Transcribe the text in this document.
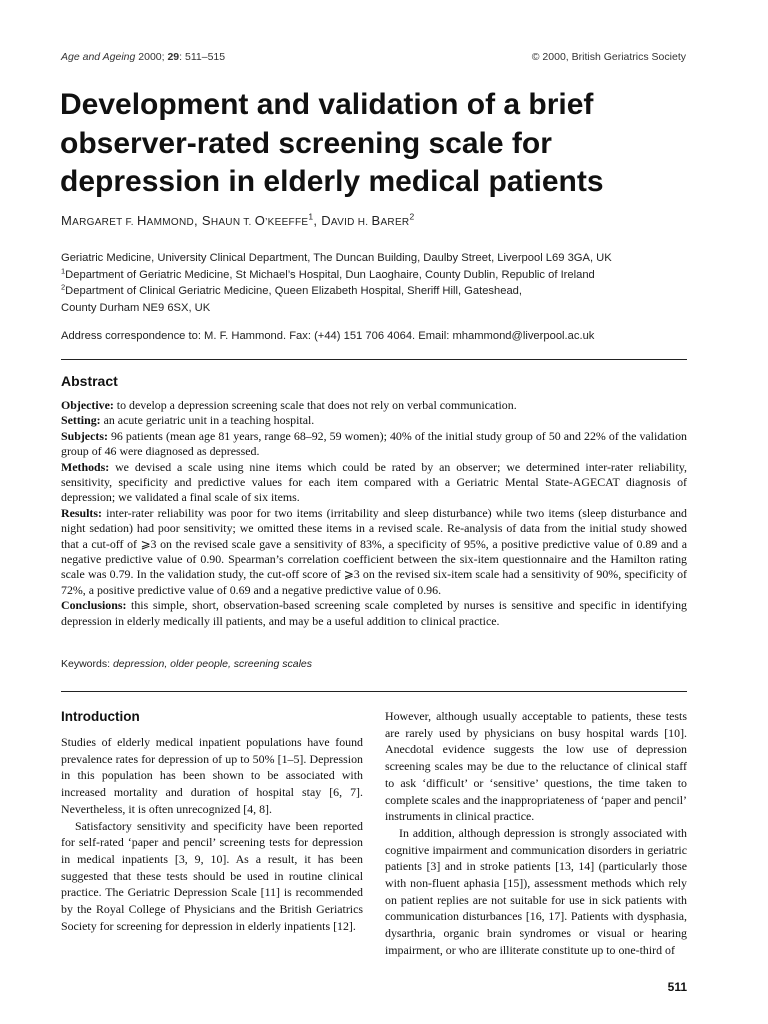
Age and Ageing 2000; 29: 511–515	© 2000, British Geriatrics Society
Development and validation of a brief observer-rated screening scale for depression in elderly medical patients
MARGARET F. HAMMOND, SHAUN T. O’KEEFFE$^1$, DAVID H. BARER$^2$
Geriatric Medicine, University Clinical Department, The Duncan Building, Daulby Street, Liverpool L69 3GA, UK
$^1$Department of Geriatric Medicine, St Michael’s Hospital, Dun Laoghaire, County Dublin, Republic of Ireland
$^2$Department of Clinical Geriatric Medicine, Queen Elizabeth Hospital, Sheriff Hill, Gateshead,
County Durham NE9 6SX, UK
Address correspondence to: M. F. Hammond. Fax: (+44) 151 706 4064. Email: mhammond@liverpool.ac.uk
Abstract

Objective: to develop a depression screening scale that does not rely on verbal communication.

Setting: an acute geriatric unit in a teaching hospital.

Subjects: 96 patients (mean age 81 years, range 68–92, 59 women); 40% of the initial study group of 50 and 22% of the validation group of 46 were diagnosed as depressed.

Methods: we devised a scale using nine items which could be rated by an observer; we determined inter-rater reliability, sensitivity, specificity and predictive values for each item compared with a Geriatric Mental State-AGECAT diagnosis of depression; we validated a final scale of six items.

Results: inter-rater reliability was poor for two items (irritability and sleep disturbance) while two items (sleep disturbance and night sedation) had poor sensitivity; we omitted these items in a revised scale. Re-analysis of data from the initial study showed that a cut-off of ⩾3 on the revised scale gave a sensitivity of 83%, a specificity of 95%, a positive predictive value of 0.89 and a negative predictive value of 0.90. Spearman’s correlation coefficient between the six-item questionnaire and the Hamilton rating scale was 0.79. In the validation study, the cut-off score of ⩾3 on the revised six-item scale had a sensitivity of 90%, specificity of 72%, a positive predictive value of 0.69 and a negative predictive value of 0.96.

Conclusions: this simple, short, observation-based screening scale completed by nurses is sensitive and specific in identifying depression in elderly medically ill patients, and may be a useful addition to clinical practice.

Keywords: depression, older people, screening scales
Introduction

Studies of elderly medical inpatient populations have found prevalence rates for depression of up to 50% [1–5]. Depression in this population has been shown to be associated with increased mortality and duration of hospital stay [6, 7]. Nevertheless, it is often unrecognized [4, 8].

Satisfactory sensitivity and specificity have been reported for self-rated ‘paper and pencil’ screening tests for depression in medical inpatients [3, 9, 10]. As a result, it has been suggested that these tests should be used in routine clinical practice. The Geriatric Depression Scale [11] is recommended by the Royal College of Physicians and the British Geriatrics Society for screening for depression in elderly inpatients [12].

However, although usually acceptable to patients, these tests are rarely used by physicians on busy hospital wards [10]. Anecdotal evidence suggests the low use of depression screening scales may be due to the reluctance of clinical staff to ask ‘difficult’ or ‘sensitive’ questions, the time taken to complete scales and the inappropriateness of ‘paper and pencil’ instruments in clinical practice.

In addition, although depression is strongly associated with cognitive impairment and communication disorders in geriatric patients [3] and in stroke patients [13, 14] (particularly those with non-fluent aphasia [15]), assessment methods which rely on patient replies are not suitable for use in sick patients with communication disturbances [16, 17]. Patients with dysphasia, dysarthria, organic brain syndromes or visual or hearing impairment, or who are illiterate constitute up to one-third of

511
